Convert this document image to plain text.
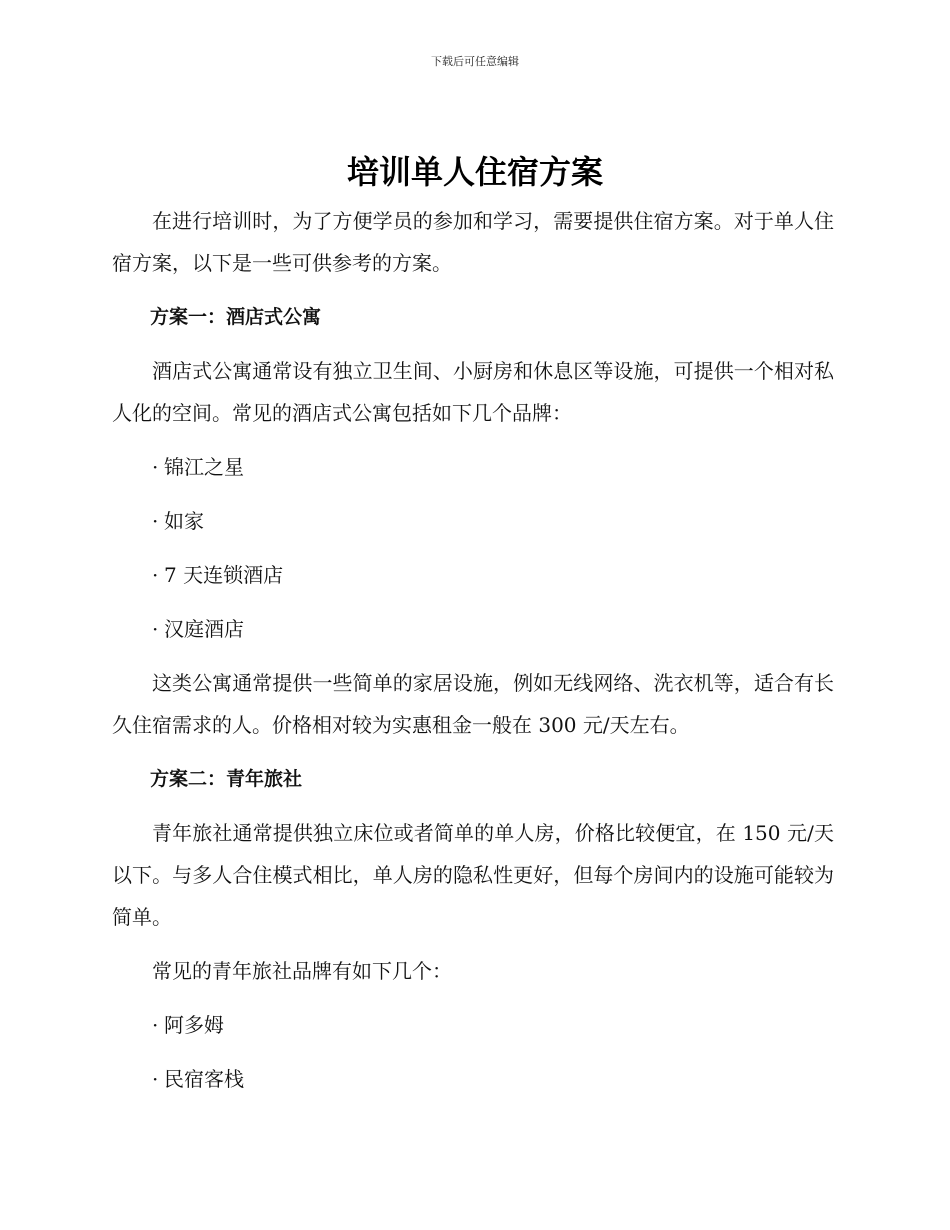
下载后可任意编辑
培训单人住宿方案

在进行培训时，为了方便学员的参加和学习，需要提供住宿方案。对于单人住宿方案，以下是一些可供参考的方案。

方案一：酒店式公寓

酒店式公寓通常设有独立卫生间、小厨房和休息区等设施，可提供一个相对私人化的空间。常见的酒店式公寓包括如下几个品牌：

· 锦江之星
· 如家
· 7 天连锁酒店
· 汉庭酒店

这类公寓通常提供一些简单的家居设施，例如无线网络、洗衣机等，适合有长久住宿需求的人。价格相对较为实惠租金一般在 300 元/天左右。

方案二：青年旅社

青年旅社通常提供独立床位或者简单的单人房，价格比较便宜，在 150 元/天以下。与多人合住模式相比，单人房的隐私性更好，但每个房间内的设施可能较为简单。

常见的青年旅社品牌有如下几个：

· 阿多姆
· 民宿客栈
